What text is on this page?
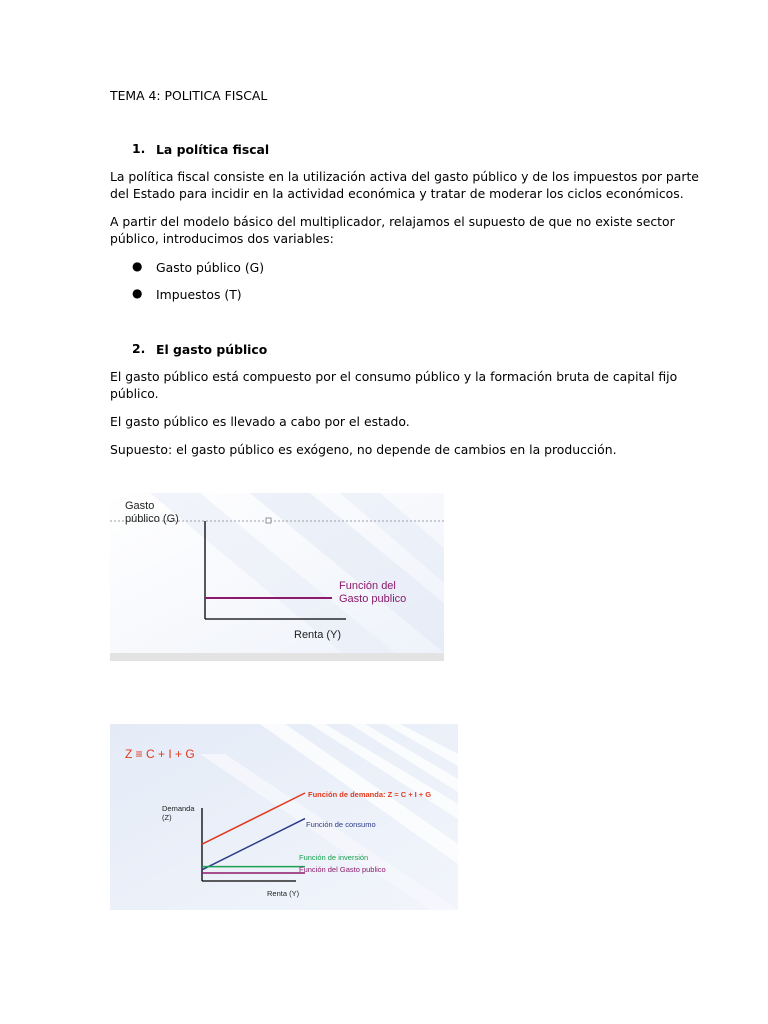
TEMA 4: POLITICA FISCAL
1. La política fiscal
La política fiscal consiste en la utilización activa del gasto público y de los impuestos por parte
del Estado para incidir en la actividad económica y tratar de moderar los ciclos económicos.
A partir del modelo básico del multiplicador, relajamos el supuesto de que no existe sector
público, introducimos dos variables:
● Gasto público (G)
● Impuestos (T)
2. El gasto público
El gasto público está compuesto por el consumo público y la formación bruta de capital fijo
público.
El gasto público es llevado a cabo por el estado.
Supuesto: el gasto público es exógeno, no depende de cambios en la producción.
Gasto
público (G)
Función del
Gasto publico
Renta (Y)
Z ≡ C + I + G
Demanda
(Z)
Función de demanda: Z = C + I + G
Función de consumo
Función de inversión
Función del Gasto publico
Renta (Y)
